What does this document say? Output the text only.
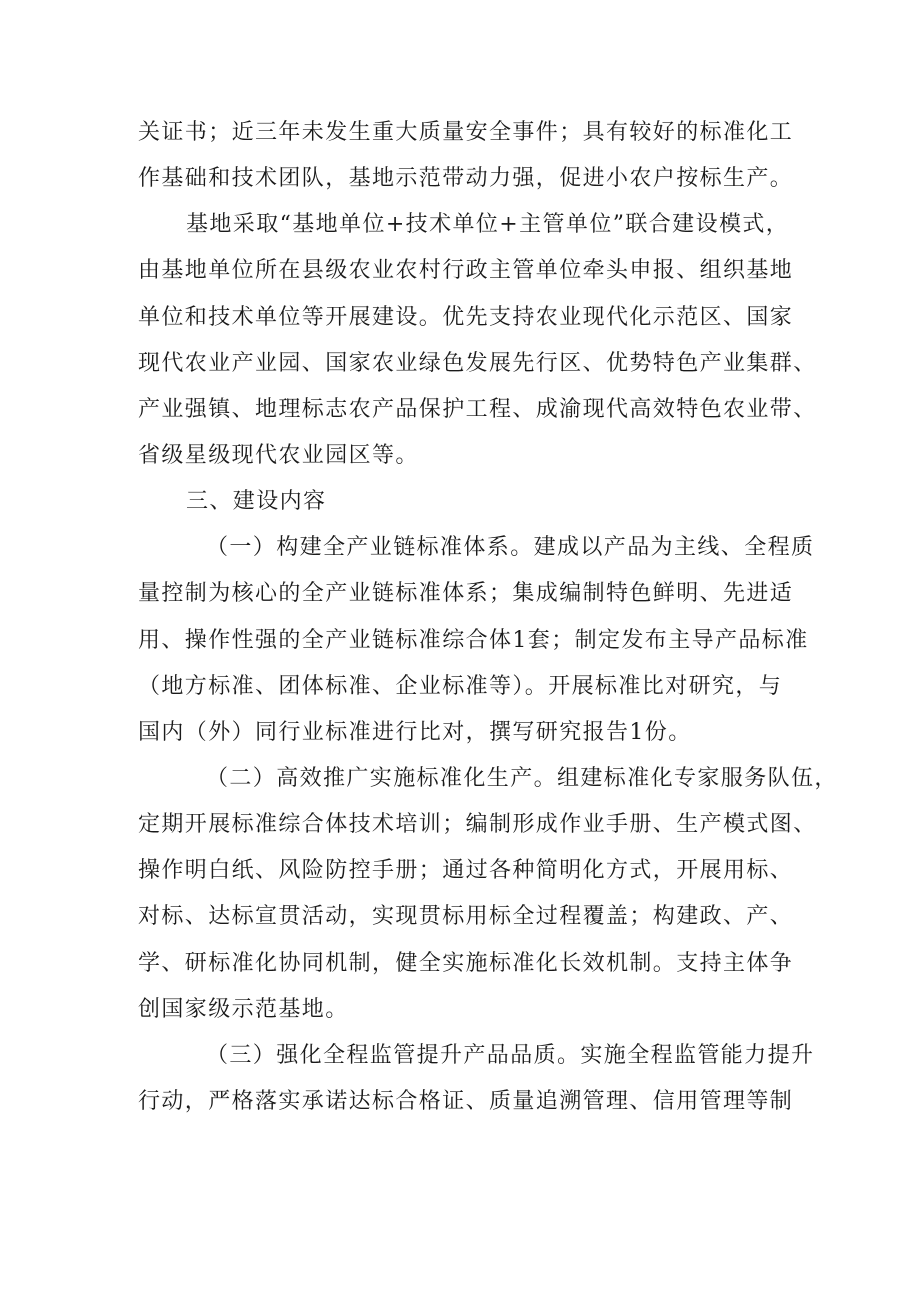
关证书；近三年未发生重大质量安全事件；具有较好的标准化工
作基础和技术团队，基地示范带动力强，促进小农户按标生产。
基地采取“基地单位+技术单位+主管单位”联合建设模式，
由基地单位所在县级农业农村行政主管单位牵头申报、组织基地
单位和技术单位等开展建设。优先支持农业现代化示范区、国家
现代农业产业园、国家农业绿色发展先行区、优势特色产业集群、
产业强镇、地理标志农产品保护工程、成渝现代高效特色农业带、
省级星级现代农业园区等。
三、建设内容
（一）构建全产业链标准体系。建成以产品为主线、全程质
量控制为核心的全产业链标准体系；集成编制特色鲜明、先进适
用、操作性强的全产业链标准综合体1套；制定发布主导产品标准
（地方标准、团体标准、企业标准等）。开展标准比对研究，与
国内（外）同行业标准进行比对，撰写研究报告1份。
（二）高效推广实施标准化生产。组建标准化专家服务队伍，
定期开展标准综合体技术培训；编制形成作业手册、生产模式图、
操作明白纸、风险防控手册；通过各种简明化方式，开展用标、
对标、达标宣贯活动，实现贯标用标全过程覆盖；构建政、产、
学、研标准化协同机制，健全实施标准化长效机制。支持主体争
创国家级示范基地。
（三）强化全程监管提升产品品质。实施全程监管能力提升
行动，严格落实承诺达标合格证、质量追溯管理、信用管理等制
